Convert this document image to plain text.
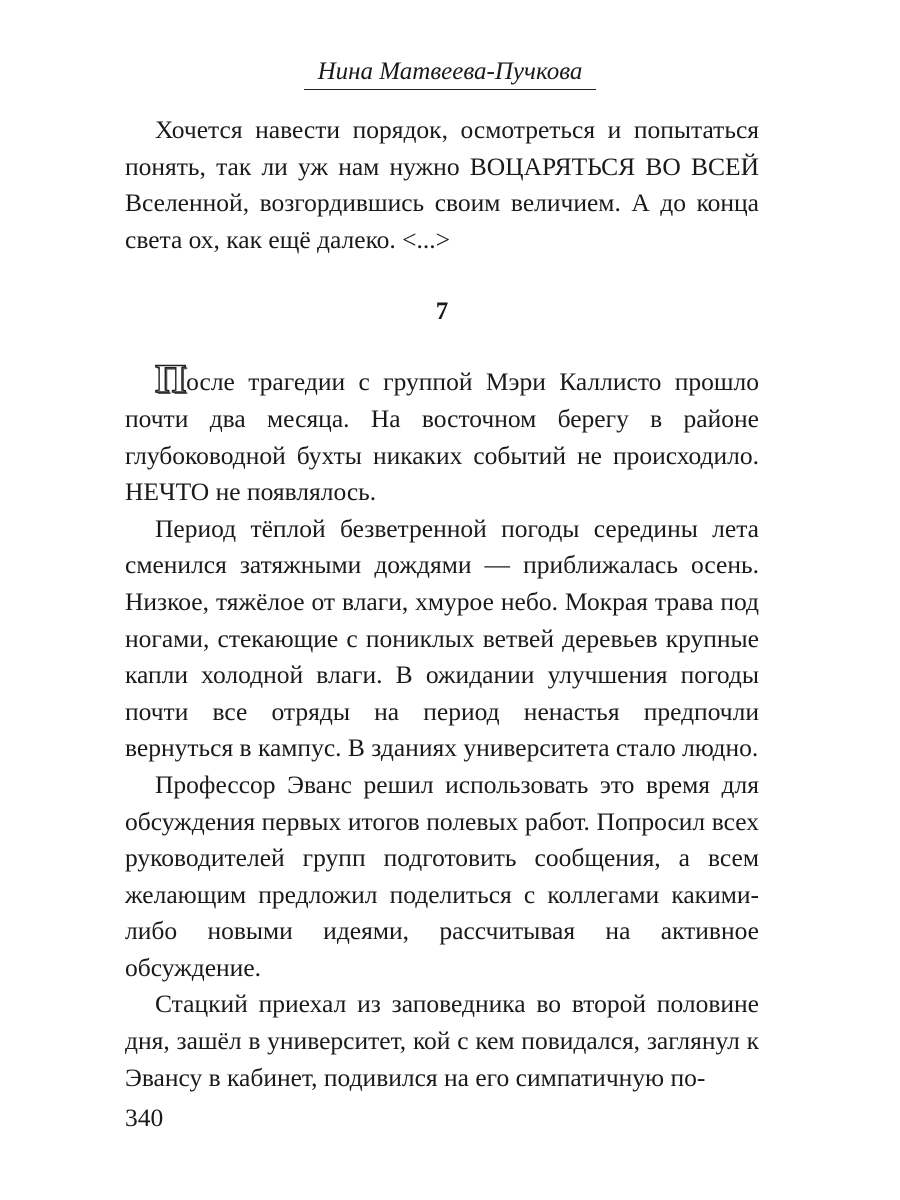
Нина Матвеева-Пучкова

Хочется навести порядок, осмотреться и попытаться понять, так ли уж нам нужно ВОЦАРЯТЬСЯ ВО ВСЕЙ Вселенной, возгордившись своим величием. А до конца света ох, как ещё далеко. <...>

7

После трагедии с группой Мэри Каллисто прошло почти два месяца. На восточном берегу в районе глубоководной бухты никаких событий не происходило. НЕЧТО не появлялось.

Период тёплой безветренной погоды середины лета сменился затяжными дождями — приближалась осень. Низкое, тяжёлое от влаги, хмурое небо. Мокрая трава под ногами, стекающие с пониклых ветвей деревьев крупные капли холодной влаги. В ожидании улучшения погоды почти все отряды на период ненастья предпочли вернуться в кампус. В зданиях университета стало людно.

Профессор Эванс решил использовать это время для обсуждения первых итогов полевых работ. Попросил всех руководителей групп подготовить сообщения, а всем желающим предложил поделиться с коллегами какими-либо новыми идеями, рассчитывая на активное обсуждение.

Стацкий приехал из заповедника во второй половине дня, зашёл в университет, кой с кем повидался, заглянул к Эвансу в кабинет, подивился на его симпатичную по-

340
